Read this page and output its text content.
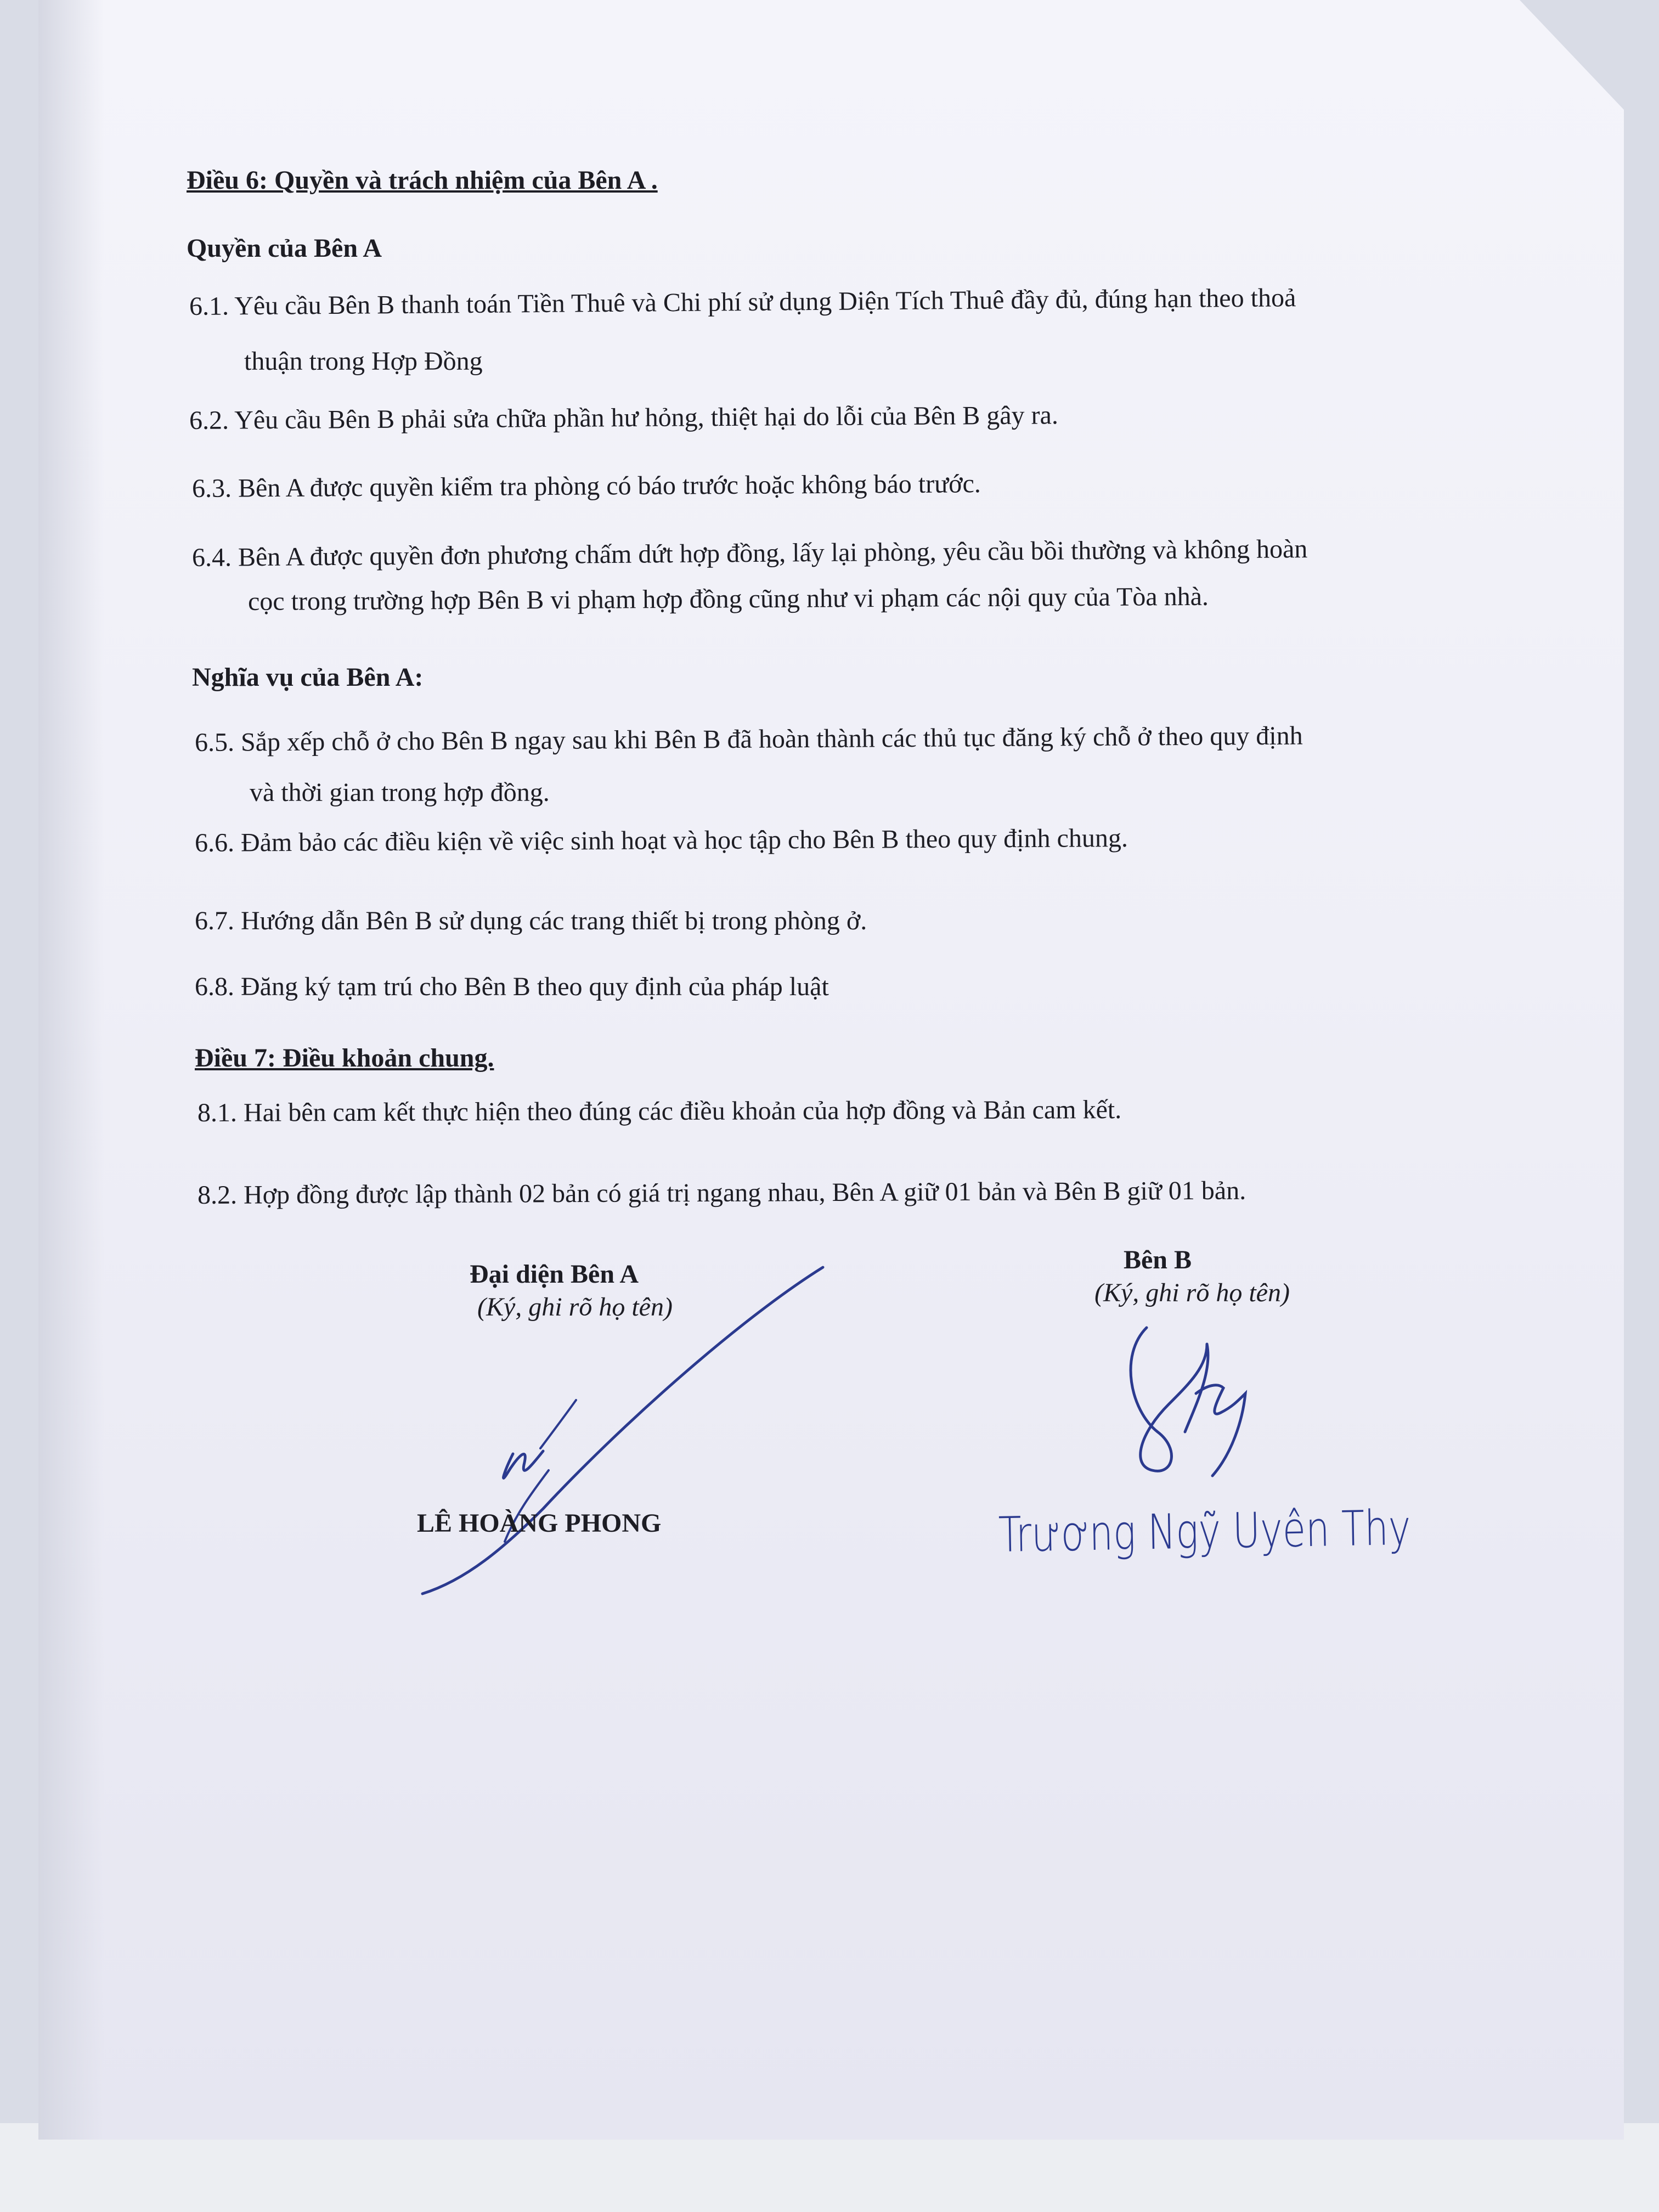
Điều 6: Quyền và trách nhiệm của Bên A .
Quyền của Bên A
6.1. Yêu cầu Bên B thanh toán Tiền Thuê và Chi phí sử dụng Diện Tích Thuê đầy đủ, đúng hạn theo thoả
thuận trong Hợp Đồng
6.2. Yêu cầu Bên B phải sửa chữa phần hư hỏng, thiệt hại do lỗi của Bên B gây ra.
6.3. Bên A được quyền kiểm tra phòng có báo trước hoặc không báo trước.
6.4. Bên A được quyền đơn phương chấm dứt hợp đồng, lấy lại phòng, yêu cầu bồi thường và không hoàn
cọc trong trường hợp Bên B vi phạm hợp đồng cũng như vi phạm các nội quy của Tòa nhà.
Nghĩa vụ của Bên A:
6.5. Sắp xếp chỗ ở cho Bên B ngay sau khi Bên B đã hoàn thành các thủ tục đăng ký chỗ ở theo quy định
và thời gian trong hợp đồng.
6.6. Đảm bảo các điều kiện về việc sinh hoạt và học tập cho Bên B theo quy định chung.
6.7. Hướng dẫn Bên B sử dụng các trang thiết bị trong phòng ở.
6.8. Đăng ký tạm trú cho Bên B theo quy định của pháp luật
Điều 7: Điều khoản chung.
8.1. Hai bên cam kết thực hiện theo đúng các điều khoản của hợp đồng và Bản cam kết.
8.2. Hợp đồng được lập thành 02 bản có giá trị ngang nhau, Bên A giữ 01 bản và Bên B giữ 01 bản.
Đại diện Bên A
(Ký, ghi rõ họ tên)
Bên B
(Ký, ghi rõ họ tên)
LÊ HOÀNG PHONG	Trương Ngỹ Uyên Thy
